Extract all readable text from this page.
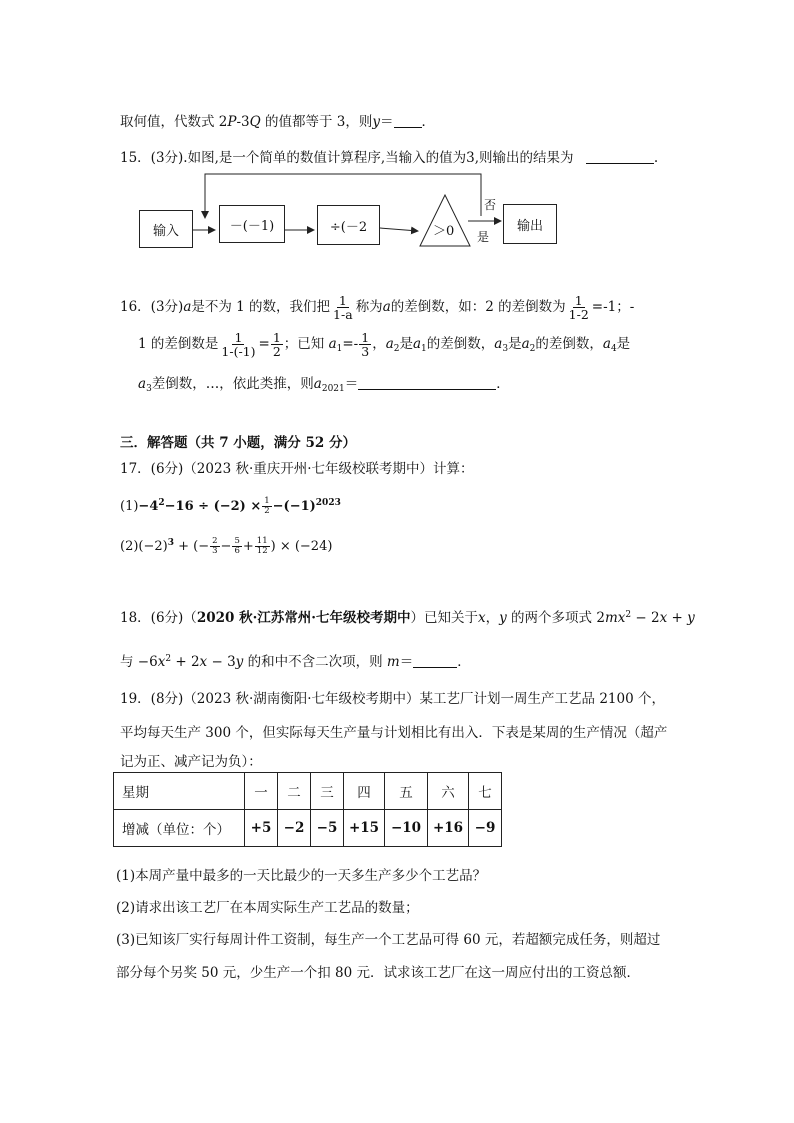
取何值，代数式 2P-3Q 的值都等于 3，则y＝ ．
15．(3分).如图,是一个简单的数值计算程序,当输入的值为3,则输出的结果为	.
输入	－(－1)	÷(－2	＞0	输出
否
是
16．(3分)a是不为 1 的数，我们把 $\frac{1}{1-a}$ 称为a的差倒数，如：2 的差倒数为 $\frac{1}{1-2} =-1$；-
1 的差倒数是 $\frac{1}{1-(-1)} = \frac{1}{2}$ ；已知 $a_1=- \frac{1}{3}$ ，$a_2$是$a_1$的差倒数，$a_3$是$a_2$的差倒数，$a_4$是
$a_3$差倒数，…，依此类推，则$a_{2021}=$	．
三．解答题（共 7 小题，满分 52 分）
17．(6分)（2023 秋·重庆开州·七年级校联考期中）计算：
$(1)-4^2-16 \div (-2) \times \frac{1}{2} -(-1)^{2023}$
$(2)(-2)^3$ + (− $\frac{2}{3} - \frac{5}{6} + \frac{11}{12}$ ) × (−24)
18．(6分)（2020 秋·江苏常州·七年级校考期中）已知关于x，y 的两个多项式 $2mx^2 - 2x + y$
与 $-6x^2 + 2x - 3y$ 的和中不含二次项，则 m＝	．
19．(8分)（2023 秋·湖南衡阳·七年级校考期中）某工艺厂计划一周生产工艺品 2100 个，
平均每天生产 300 个，但实际每天生产量与计划相比有出入．下表是某周的生产情况（超产
记为正、减产记为负）：
星期	一	二	三	四	五	六	七
增减（单位：个）	+5	−2	−5	+15	−10	+16	−9
(1)本周产量中最多的一天比最少的一天多生产多少个工艺品？
(2)请求出该工艺厂在本周实际生产工艺品的数量；
(3)已知该厂实行每周计件工资制，每生产一个工艺品可得 60 元，若超额完成任务，则超过
部分每个另奖 50 元，少生产一个扣 80 元．试求该工艺厂在这一周应付出的工资总额．
